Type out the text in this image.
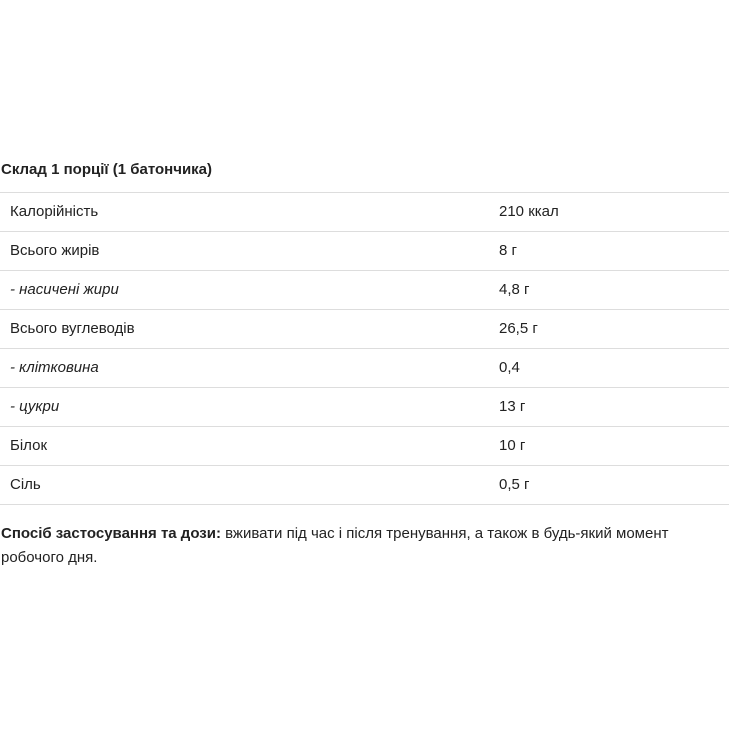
Склад 1 порції (1 батончика)
Калорійність	210 ккал
Всього жирів	8 г
- насичені жири	4,8 г
Всього вуглеводів	26,5 г
- клітковина	0,4
- цукри	13 г
Білок	10 г
Сіль	0,5 г

Спосіб застосування та дози: вживати під час і після тренування, а також в будь-який момент робочого дня.
